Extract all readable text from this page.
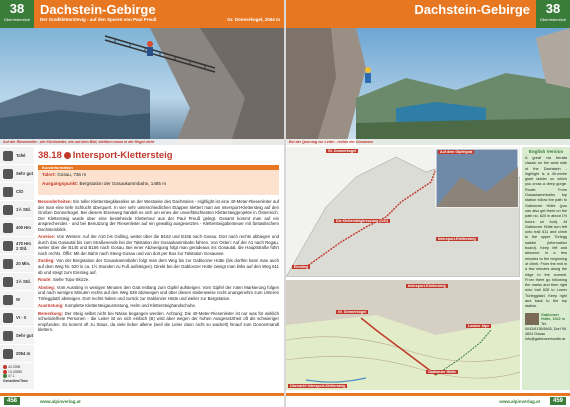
38
Oberösterreich
Dachstein-Gebirge
Der Gradkletterstevig - auf den Spuren von Paul Preuß	Gr. Donnerkogel, 2054 m
Auf der Riesenleiter - die Kürbisleiter, wie auf dem Bild, kletttern muss in der Regel nicht
Tafel
Sehr gut
C/D
1½ Std.
400 Hm
470 Hm 2 Std.
20 Min.
1½ Std.
W
VI - X
Sehr gut
2054 m
43.0398
13.43950
47.1
Gehzeiten/Time
38.18 Intersport-Klettersteig
Kurzinformation
Talort: Gosau, 736 m
Ausgangspunkt: Bergstation der Gosaukammbahn, 1485 m

Besonderheiten: Ein toller Klettersteigklassiker an der Westseite des Dachsteins - Highlight ist eine 40-Meter-Riesenleiter auf der man eine tiefe Schlucht überquert. In vier sehr unterschiedlichen Etappen klettert man am Intersport-Klettersteig auf den Großen Donnerkogel. Bei diesem Eisenweg handelt es sich um eines der unverfälschtesten Klettersteigprojekte in Österreich. Der Klettersteig wurde über eine bestehende Klettertour aus der Paul Preuß gelegt. Gesamt kommt man auf ein ansprechendes - und bei Benutzung der Riesenleiter auf ein gewaltig ausgesetztes - Klettersteigabenteuer mit fantastischem Dachsteinblick.

Anreise: Von Westen: Auf der A10 bis Golling, weiter über die B162 und B166 nach Gosau. Dort nach rechts abbiegen und durch das Gosautal bis zum Straßenende bei der Talstation der Gosaukammbahn fahren. Von Osten: Auf der A1 nach Regau, weiter über die B145 und B166 nach Gosau. Bei einer Abzweigung folgt man geradeaus ins Gosautal, die Hauptstraße führt nach rechts. Öffis: Mit der Bahn nach Steeg-Gosau und von dort per Bus zur Talstation Gosausee.

Zustieg: Von der Bergstation der Gosaukammbahn folgt man dem Weg bis zur Gablonzer Hütte (bis dorthin kann man auch auf dem Weg Nr. 620 in ca. 1½ Stunden zu Fuß aufsteigen). Direkt bei der Gablonzer Hütte zweigt man links auf den Weg 611 ab und steigt zum Einstieg auf.

Route: Siehe Topo-Skizze.

Abstieg: Vom Ausstieg in wenigen Minuten den Grat entlang zum Gipfel aufsteigen. Vom Gipfel der roten Markierung folgen und nach wenigen Minuten rechts auf den Weg 628 abzweigen und über diesen steilenweise recht unangenehm zum Unteren Türlegglatzl absteigen. Dort rechts halten und zurück zur Gablonzer Hütte und weiter zur Bergstation.

Ausrüstung: Komplette Klettersteigausrüstung, Helm und Klettersteighandschuhe.

Bemerkung: Der Steig selbst nicht bei Nässe begangen werden. Achtung: Die 40-Meter-Riesenleiter ist nur was für wirklich schwindelfreie Personen - die Leiter ist an sich einfach (B) wird aber wegen der hohen Ausgesetztheit oft als schwieriger empfunden. Es kommt oft zu Staus, da viele lieber alleine (weil die Leiter dann nicht so wackelt) hinauf zum Donnermandl klettern.

458	www.alpinverlag.at
Dachstein-Gebirge	38
Oberösterreich
Bei der Querung zur Leiter - rechts der Gosausee
Gr. Donnerkogel	Auf dem Gipfelgrat
Die Klettersteigkreuzung (C/D)
Einstieg
Intersport-Klettersteig
Gr. Donnerkogel
Intersport-Klettersteig
Lawner Alpe
Gablonzer Hütte
Übersicht Intersport-Klettersteig
English Version
A great via ferrata classic on the west side of the Dachstein - highlight is a 40-metre giant ladder on which you cross a deep gorge. Route: From Gosaukammbahn top station follow the path to Gablonzer Hütte (you can also get there on the path no. 620 in about 1½ hours on foot). At Gablonzer Hütte turn left onto trail 611 and climb to the upper Türlegg saddle (information board). Keep left and descend in a few minutes to the beginning of climb. From the exit in a few minutes along the ridge to the summit. From there go following the marks and then right onto trail 628 to Lower Türlegglatzl. Keep right and back to the top station.
Gablonzer Hütte, 1522 m
Tel. 0043/6136/8465, Dorf 99, 4824 Gosau
info@gablonzerhuette.at
www.alpinverlag.at	459
